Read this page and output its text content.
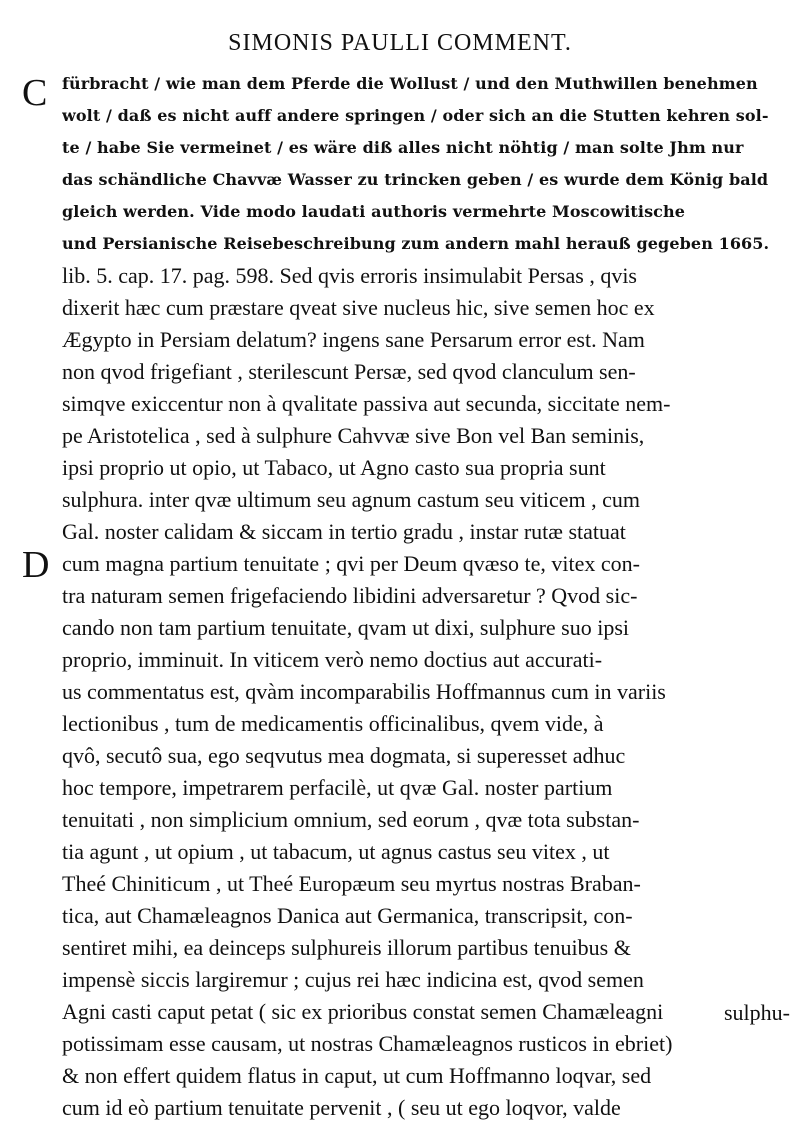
SIMONIS PAULLI COMMENT.
C
D
fürbracht / wie man dem Pferde die Wollust / und den Muthwillen benehmen
wolt / daß es nicht auff andere springen / oder sich an die Stutten kehren sol-
te / habe Sie vermeinet / es wäre diß alles nicht nöhtig / man solte Jhm nur
das schändliche Chavvæ Wasser zu trincken geben / es wurde dem König bald
gleich werden. Vide modo laudati authoris vermehrte Moscowitische
und Persianische Reisebeschreibung zum andern mahl herauß gegeben 1665.
lib. 5. cap. 17. pag. 598. Sed qvis erroris insimulabit Persas , qvis
dixerit hæc cum præstare qveat sive nucleus hic, sive semen hoc ex
Ægypto in Persiam delatum? ingens sane Persarum error est. Nam
non qvod frigefiant , sterilescunt Persæ, sed qvod clanculum sen-
simqve exiccentur non à qvalitate passiva aut secunda, siccitate nem-
pe Aristotelica , sed à sulphure Cahvvæ sive Bon vel Ban seminis,
ipsi proprio ut opio, ut Tabaco, ut Agno casto sua propria sunt
sulphura. inter qvæ ultimum seu agnum castum seu viticem , cum
Gal. noster calidam & siccam in tertio gradu , instar rutæ statuat
cum magna partium tenuitate ; qvi per Deum qvæso te, vitex con-
tra naturam semen frigefaciendo libidini adversaretur ? Qvod sic-
cando non tam partium tenuitate, qvam ut dixi, sulphure suo ipsi
proprio, imminuit. In viticem verò nemo doctius aut accurati-
us commentatus est, qvàm incomparabilis Hoffmannus cum in variis
lectionibus , tum de medicamentis officinalibus, qvem vide, à
qvô, secutô sua, ego seqvutus mea dogmata, si superesset adhuc
hoc tempore, impetrarem perfacilè, ut qvæ Gal. noster partium
tenuitati , non simplicium omnium, sed eorum , qvæ tota substan-
tia agunt , ut opium , ut tabacum, ut agnus castus seu vitex , ut
Theé Chiniticum , ut Theé Europæum seu myrtus nostras Braban-
tica, aut Chamæleagnos Danica aut Germanica, transcripsit, con-
sentiret mihi, ea deinceps sulphureis illorum partibus tenuibus &
impensè siccis largiremur ; cujus rei hæc indicina est, qvod semen
Agni casti caput petat ( sic ex prioribus constat semen Chamæleagni
potissimam esse causam, ut nostras Chamæleagnos rusticos in ebriet)
& non effert quidem flatus in caput, ut cum Hoffmanno loqvar, sed
cum id eò partium tenuitate pervenit , ( seu ut ego loqvor, valde
sulphu-
